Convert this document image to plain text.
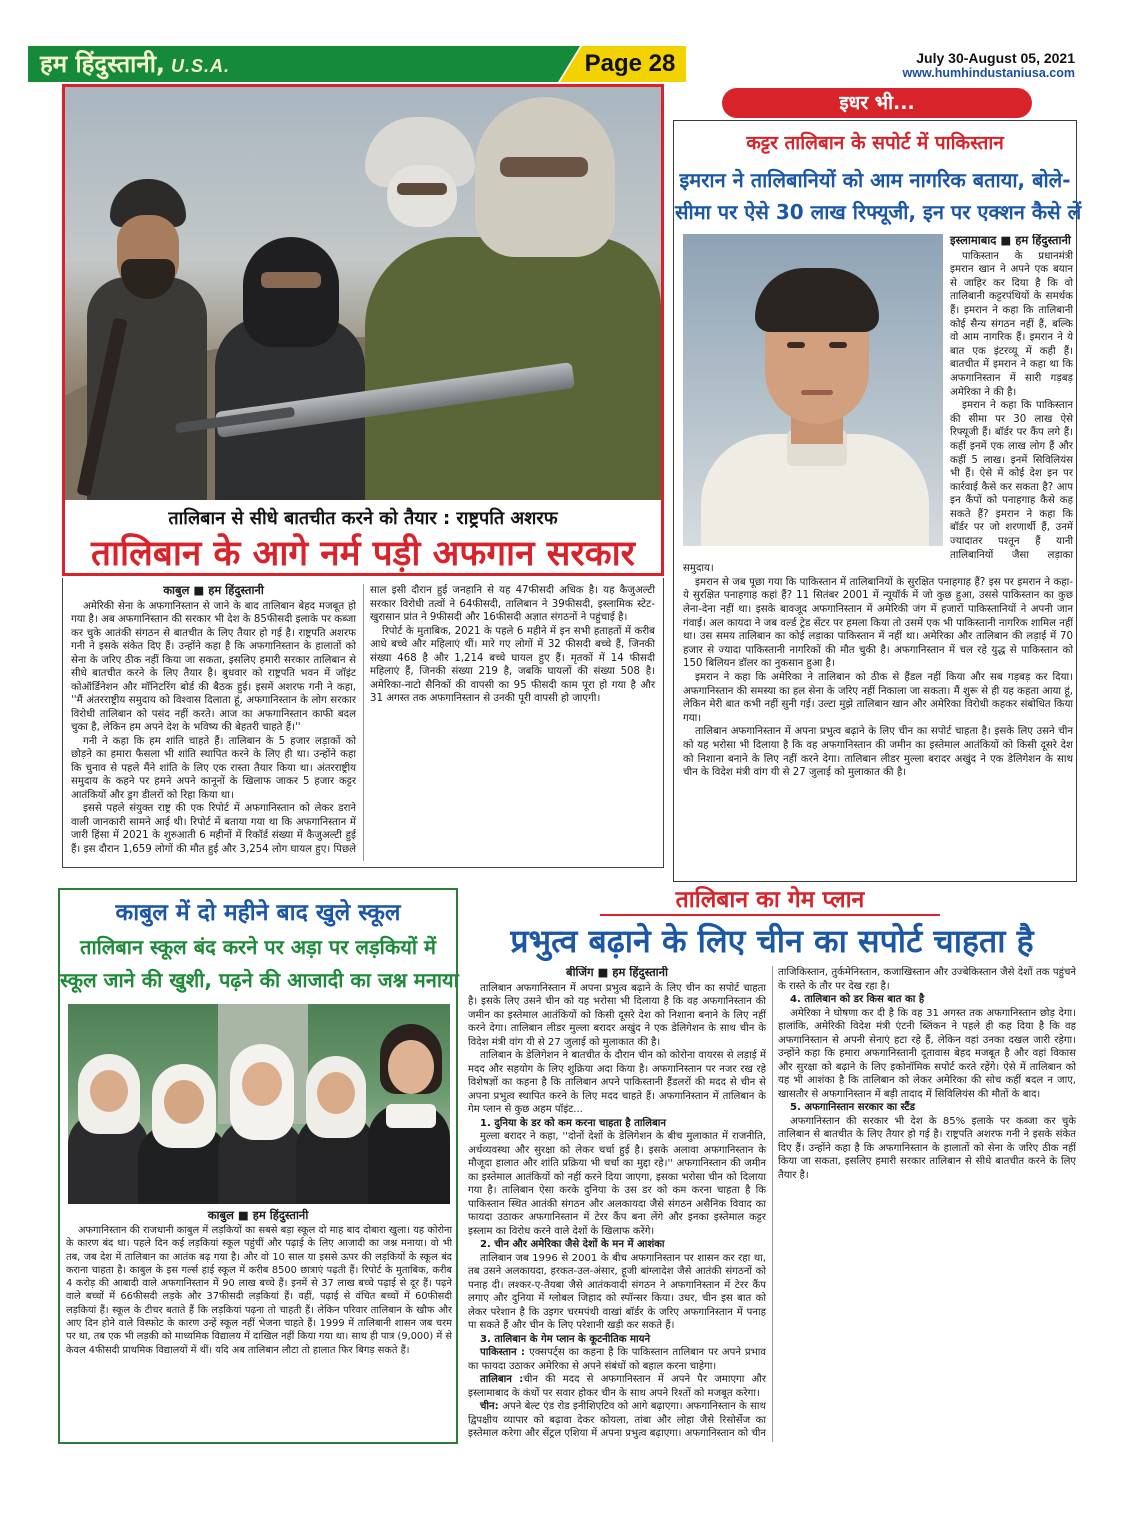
हम हिंदुस्तानी, U.S.A.	Page 28	July 30-August 05, 2021
www.humhindustaniusa.com
तालिबान से सीधे बातचीत करने को तैयार : राष्ट्रपति अशरफ
तालिबान के आगे नर्म पड़ी अफगान सरकार
काबुल ■ हम हिंदुस्तानी

अमेरिकी सेना के अफगानिस्तान से जाने के बाद तालिबान बेहद मजबूत हो गया है। अब अफगानिस्तान की सरकार भी देश के 85फीसदी इलाके पर कब्जा कर चुके आतंकी संगठन से बातचीत के लिए तैयार हो गई है। राष्ट्रपति अशरफ गनी ने इसके संकेत दिए हैं। उन्होंने कहा है कि अफगानिस्तान के हालातों को सेना के जरिए ठीक नहीं किया जा सकता, इसलिए हमारी सरकार तालिबान से सीधे बातचीत करने के लिए तैयार है। बुधवार को राष्ट्रपति भवन में जॉइंट कोऑर्डिनेशन और मॉनिटरिंग बोर्ड की बैठक हुई। इसमें अशरफ गनी ने कहा, ''मैं अंतरराष्ट्रीय समुदाय को विश्वास दिलाता हूं, अफगानिस्तान के लोग सरकार विरोधी तालिबान को पसंद नहीं करते। आज का अफगानिस्तान काफी बदल चुका है, लेकिन हम अपने देश के भविष्य की बेहतरी चाहते हैं।''

गनी ने कहा कि हम शांति चाहते हैं। तालिबान के 5 हजार लड़ाकों को छोड़ने का हमारा फैसला भी शांति स्थापित करने के लिए ही था। उन्होंने कहा कि चुनाव से पहले मैंने शांति के लिए एक रास्ता तैयार किया था। अंतरराष्ट्रीय समुदाय के कहने पर हमने अपने कानूनों के खिलाफ जाकर 5 हजार कट्टर आतंकियों और ड्रग डीलरों को रिहा किया था।

इससे पहले संयुक्त राष्ट्र की एक रिपोर्ट में अफगानिस्तान को लेकर डराने वाली जानकारी सामने आई थी। रिपोर्ट में बताया गया था कि अफगानिस्तान में जारी हिंसा में 2021 के शुरुआती 6 महीनों में रिकॉर्ड संख्या में कैजुअल्टी हुई हैं। इस दौरान 1,659 लोगों की मौत हुई और 3,254 लोग घायल हुए। पिछले साल इसी दौरान हुई जनहानि से यह 47फीसदी अधिक है। यह कैजुअल्टी सरकार विरोधी तत्वों ने 64फीसदी, तालिबान ने 39फीसदी, इस्लामिक स्टेट-खुरासान प्रांत ने 9फीसदी और 16फीसदी अज्ञात संगठनों ने पहुंचाई है।

रिपोर्ट के मुताबिक, 2021 के पहले 6 महीने में इन सभी हताहतों में करीब आधे बच्चे और महिलाएं थीं। मारे गए लोगों में 32 फीसदी बच्चे हैं, जिनकी संख्या 468 है और 1,214 बच्चे घायल हुए हैं। मृतकों में 14 फीसदी महिलाएं हैं, जिनकी संख्या 219 है, जबकि घायलों की संख्या 508 है। अमेरिका-नाटो सैनिकों की वापसी का 95 फीसदी काम पूरा हो गया है और 31 अगस्त तक अफगानिस्तान से उनकी पूरी वापसी हो जाएगी।

इधर भी...
कट्टर तालिबान के सपोर्ट में पाकिस्तान
इमरान ने तालिबानियों को आम नागरिक बताया, बोले-
सीमा पर ऐसे 30 लाख रिफ्यूजी, इन पर एक्शन कैसे लें
इस्लामाबाद ■ हम हिंदुस्तानी

पाकिस्तान के प्रधानमंत्री इमरान खान ने अपने एक बयान से जाहिर कर दिया है कि वो तालिबानी कट्टरपंथियों के समर्थक हैं। इमरान ने कहा कि तालिबानी कोई सैन्य संगठन नहीं हैं, बल्कि वो आम नागरिक हैं। इमरान ने ये बात एक इंटरव्यू में कही हैं। बातचीत में इमरान ने कहा था कि अफगानिस्तान में सारी गड़बड़ अमेरिका ने की है।

इमरान ने कहा कि पाकिस्तान की सीमा पर 30 लाख ऐसे रिफ्यूजी हैं। बॉर्डर पर कैंप लगे हैं। कहीं इनमें एक लाख लोग हैं और कहीं 5 लाख। इनमें सिविलियंस भी हैं। ऐसे में कोई देश इन पर कार्रवाई कैसे कर सकता है? आप इन कैंपों को पनाहगाह कैसे कह सकते हैं? इमरान ने कहा कि बॉर्डर पर जो शरणार्थी हैं, उनमें ज्यादातर पश्तून हैं यानी तालिबानियों जैसा लड़ाका समुदाय।

इमरान से जब पूछा गया कि पाकिस्तान में तालिबानियों के सुरक्षित पनाहगाह हैं? इस पर इमरान ने कहा- ये सुरक्षित पनाहगाह कहां हैं? 11 सितंबर 2001 में न्यूयॉर्क में जो कुछ हुआ, उससे पाकिस्तान का कुछ लेना-देना नहीं था। इसके बावजूद अफगानिस्तान में अमेरिकी जंग में हजारों पाकिस्तानियों ने अपनी जान गंवाई। अल कायदा ने जब वर्ल्ड ट्रेड सेंटर पर हमला किया तो उसमें एक भी पाकिस्तानी नागरिक शामिल नहीं था। उस समय तालिबान का कोई लड़ाका पाकिस्तान में नहीं था। अमेरिका और तालिबान की लड़ाई में 70 हजार से ज्यादा पाकिस्तानी नागरिकों की मौत चुकी है। अफगानिस्तान में चल रहे युद्ध से पाकिस्तान को 150 बिलियन डॉलर का नुकसान हुआ है।

इमरान ने कहा कि अमेरिका ने तालिबान को ठीक से हैंडल नहीं किया और सब गड़बड़ कर दिया। अफगानिस्तान की समस्या का हल सेना के जरिए नहीं निकाला जा सकता। मैं शुरू से ही यह कहता आया हूं, लेकिन मेरी बात कभी नहीं सुनी गई। उल्टा मुझे तालिबान खान और अमेरिका विरोधी कहकर संबोधित किया गया।

तालिबान अफगानिस्तान में अपना प्रभुत्व बढ़ाने के लिए चीन का सपोर्ट चाहता है। इसके लिए उसने चीन को यह भरोसा भी दिलाया है कि वह अफगानिस्तान की जमीन का इस्तेमाल आतंकियों को किसी दूसरे देश को निशाना बनाने के लिए नहीं करने देगा। तालिबान लीडर मुल्ला बरादर अखुंद ने एक डेलिगेशन के साथ चीन के विदेश मंत्री वांग यी से 27 जुलाई को मुलाकात की है।

काबुल में दो महीने बाद खुले स्कूल
तालिबान स्कूल बंद करने पर अड़ा पर लड़कियों में
स्कूल जाने की खुशी, पढ़ने की आजादी का जश्न मनाया
काबुल ■ हम हिंदुस्तानी

अफगानिस्तान की राजधानी काबुल में लड़कियों का सबसे बड़ा स्कूल दो माह बाद दोबारा खुला। यह कोरोना के कारण बंद था। पहले दिन कई लड़कियां स्कूल पहुंचीं और पढ़ाई के लिए आजादी का जश्न मनाया। वो भी तब, जब देश में तालिबान का आतंक बढ़ गया है। और वो 10 साल या इससे ऊपर की लड़कियों के स्कूल बंद कराना चाहता है। काबुल के इस गर्ल्स हाई स्कूल में करीब 8500 छात्राएं पढ़ती हैं। रिपोर्ट के मुताबिक, करीब 4 करोड़ की आबादी वाले अफगानिस्तान में 90 लाख बच्चे हैं। इनमें से 37 लाख बच्चे पढ़ाई से दूर हैं। पढ़ने वाले बच्चों में 66फीसदी लड़के और 37फीसदी लड़कियां हैं। वहीं, पढ़ाई से वंचित बच्चों में 60फीसदी लड़कियां हैं। स्कूल के टीचर बताते हैं कि लड़कियां पढ़ना तो चाहती हैं। लेकिन परिवार तालिबान के खौफ और आए दिन होने वाले विस्फोट के कारण उन्हें स्कूल नहीं भेजना चाहते हैं। 1999 में तालिबानी शासन जब चरम पर था, तब एक भी लड़की को माध्यमिक विद्यालय में दाखिल नहीं किया गया था। साथ ही पात्र (9,000) में से केवल 4फीसदी प्राथमिक विद्यालयों में थीं। यदि अब तालिबान लौटा तो हालात फिर बिगड़ सकते हैं।

तालिबान का गेम प्लान
प्रभुत्व बढ़ाने के लिए चीन का सपोर्ट चाहता है
बीजिंग ■ हम हिंदुस्तानी

तालिबान अफगानिस्तान में अपना प्रभुत्व बढ़ाने के लिए चीन का सपोर्ट चाहता है। इसके लिए उसने चीन को यह भरोसा भी दिलाया है कि वह अफगानिस्तान की जमीन का इस्तेमाल आतंकियों को किसी दूसरे देश को निशाना बनाने के लिए नहीं करने देगा। तालिबान लीडर मुल्ला बरादर अखुंद ने एक डेलिगेशन के साथ चीन के विदेश मंत्री वांग यी से 27 जुलाई को मुलाकात की है।

तालिबान के डेलिगेशन ने बातचीत के दौरान चीन को कोरोना वायरस से लड़ाई में मदद और सहयोग के लिए शुक्रिया अदा किया है। अफगानिस्तान पर नजर रख रहे विशेषज्ञों का कहना है कि तालिबान अपने पाकिस्तानी हैंडलरों की मदद से चीन से अपना प्रभुत्व स्थापित करने के लिए मदद चाहते हैं। अफगानिस्तान में तालिबान के गेम प्लान से कुछ अहम पॉइंट...

1. दुनिया के डर को कम करना चाहता है तालिबान

मुल्ला बरादर ने कहा, ''दोनों देशों के डेलिगेशन के बीच मुलाकात में राजनीति, अर्थव्यवस्था और सुरक्षा को लेकर चर्चा हुई है। इसके अलावा अफगानिस्तान के मौजूदा हालात और शांति प्रक्रिया भी चर्चा का मुद्दा रहे।'' अफगानिस्तान की जमीन का इस्तेमाल आतंकियों को नहीं करने दिया जाएगा, इसका भरोसा चीन को दिलाया गया है। तालिबान ऐसा करके दुनिया के उस डर को कम करना चाहता है कि पाकिस्तान स्थित आतंकी संगठन और अलकायदा जैसे संगठन असैनिक विवाद का फायदा उठाकर अफगानिस्तान में टेरर कैंप बना लेंगे और इनका इस्तेमाल कट्टर इस्लाम का विरोध करने वाले देशों के खिलाफ करेंगे।

2. चीन और अमेरिका जैसे देशों के मन में आशंका

तालिबान जब 1996 से 2001 के बीच अफगानिस्तान पर शासन कर रहा था, तब उसने अलकायदा, हरकत-उल-अंसार, हूजी बांग्लादेश जैसे आतंकी संगठनों को पनाह दी। लश्कर-ए-तैयबा जैसे आतंकवादी संगठन ने अफगानिस्तान में टेरर कैंप लगाए और दुनिया में ग्लोबल जिहाद को स्पॉन्सर किया। उधर, चीन इस बात को लेकर परेशान है कि उइगर चरमपंथी वाखां बॉर्डर के जरिए अफगानिस्तान में पनाह पा सकते हैं और चीन के लिए परेशानी खड़ी कर सकते हैं।

3. तालिबान के गेम प्लान के कूटनीतिक मायने

पाकिस्तान : एक्सपर्ट्स का कहना है कि पाकिस्तान तालिबान पर अपने प्रभाव का फायदा उठाकर अमेरिका से अपने संबंधों को बहाल करना चाहेगा।

तालिबान :चीन की मदद से अफगानिस्तान में अपने पैर जमाएगा और इस्लामाबाद के कंधों पर सवार होकर चीन के साथ अपने रिश्तों को मजबूत करेगा।

चीन: अपने बेल्ट एंड रोड इनीशिएटिव को आगे बढ़ाएगा। अफगानिस्तान के साथ द्विपक्षीय व्यापार को बढ़ावा देकर कोयला, तांबा और लोहा जैसे रिसोर्सेज का इस्तेमाल करेगा और सेंट्रल एशिया में अपना प्रभुत्व बढ़ाएगा। अफगानिस्तान को चीन ताजिकिस्तान, तुर्कमेनिस्तान, कजाखिस्तान और उज्बेकिस्तान जैसे देशों तक पहुंचने के रास्ते के तौर पर देख रहा है।

4. तालिबान को डर किस बात का है

अमेरिका ने घोषणा कर दी है कि वह 31 अगस्त तक अफगानिस्तान छोड़ देगा। हालांकि, अमेरिकी विदेश मंत्री एंटनी ब्लिंकन ने पहले ही कह दिया है कि वह अफगानिस्तान से अपनी सेनाएं हटा रहे हैं, लेकिन वहां उनका दखल जारी रहेगा। उन्होंने कहा कि हमारा अफगानिस्तानी दूतावास बेहद मजबूत है और वहां विकास और सुरक्षा को बढ़ाने के लिए इकोनॉमिक सपोर्ट करते रहेंगे। ऐसे में तालिबान को यह भी आशंका है कि तालिबान को लेकर अमेरिका की सोच कहीं बदल न जाए, खासतौर से अफगानिस्तान में बड़ी तादाद में सिविलियंस की मौतों के बाद।

5. अफगानिस्तान सरकार का स्टैंड

अफगानिस्तान की सरकार भी देश के 85% इलाके पर कब्जा कर चुके तालिबान से बातचीत के लिए तैयार हो गई है। राष्ट्रपति अशरफ गनी ने इसके संकेत दिए हैं। उन्होंने कहा है कि अफगानिस्तान के हालातों को सेना के जरिए ठीक नहीं किया जा सकता, इसलिए हमारी सरकार तालिबान से सीधे बातचीत करने के लिए तैयार है।
